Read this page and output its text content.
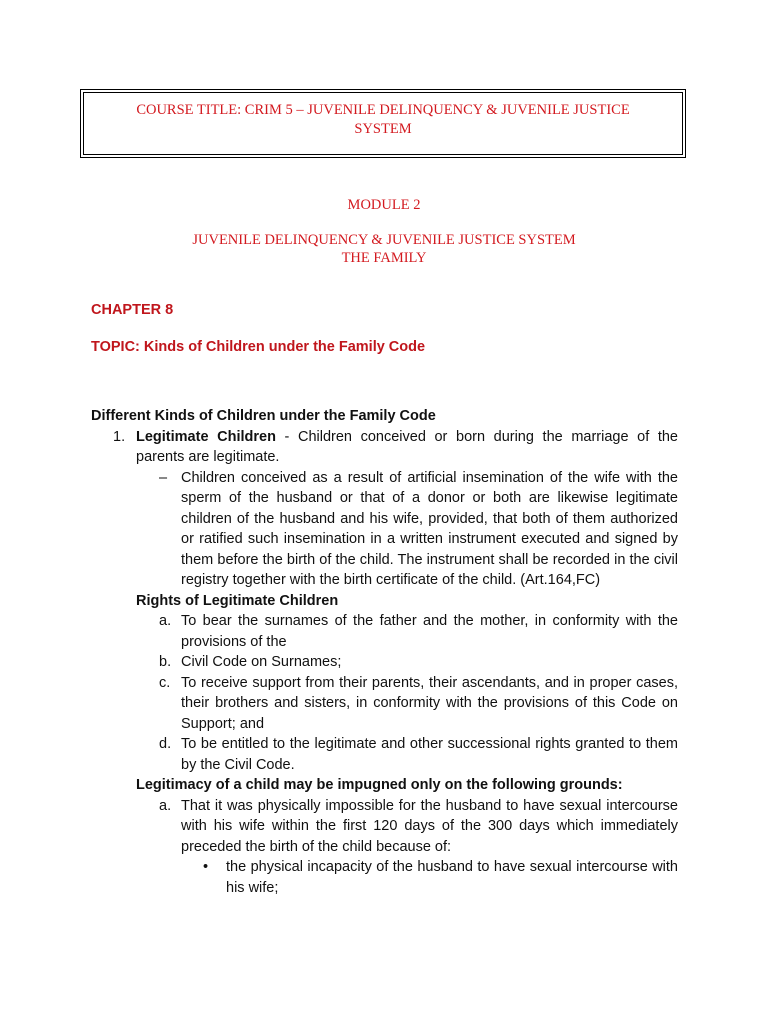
COURSE TITLE: CRIM 5 – JUVENILE DELINQUENCY & JUVENILE JUSTICE
SYSTEM
MODULE 2
JUVENILE DELINQUENCY & JUVENILE JUSTICE SYSTEM
THE FAMILY
CHAPTER 8
TOPIC: Kinds of Children under the Family Code
Different Kinds of Children under the Family Code
1. Legitimate Children - Children conceived or born during the marriage of the parents are legitimate.
– Children conceived as a result of artificial insemination of the wife with the sperm of the husband or that of a donor or both are likewise legitimate children of the husband and his wife, provided, that both of them authorized or ratified such insemination in a written instrument executed and signed by them before the birth of the child. The instrument shall be recorded in the civil registry together with the birth certificate of the child. (Art.164,FC)
Rights of Legitimate Children
a. To bear the surnames of the father and the mother, in conformity with the provisions of the
b. Civil Code on Surnames;
c. To receive support from their parents, their ascendants, and in proper cases, their brothers and sisters, in conformity with the provisions of this Code on Support; and
d. To be entitled to the legitimate and other successional rights granted to them by the Civil Code.
Legitimacy of a child may be impugned only on the following grounds:
a. That it was physically impossible for the husband to have sexual intercourse with his wife within the first 120 days of the 300 days which immediately preceded the birth of the child because of:
• the physical incapacity of the husband to have sexual intercourse with his wife;
